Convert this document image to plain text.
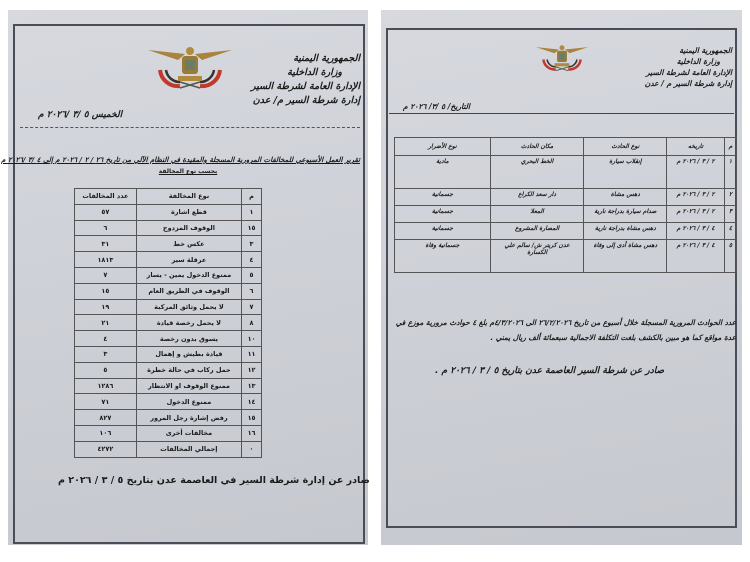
الجمهورية اليمنية
وزارة الداخلية
الإدارة العامة لشرطة السير
إدارة شرطة السير م/ عدن
الخميس ٥ /٣ /٢٠٢٦ م
تقرير العمل الأسبوعي للمخالفات المرورية المسجلة والمقيدة في النظام الآلي من تاريخ ٢٦ / ٢ / ٢٠٢٦ م إلى ٤ /٣ /٢٠٢٦ م
بحسب نوع المخالفة
م	نوع المخالفة	عدد المخالفات
١	قطع اشارة	٥٧
١٥	الوقوف المزدوج	٦
٣	عكس خط	٣١
٤	عرقلة سير	١٨١٣
٥	ممنوع الدخول يمين - يسار	٧
٦	الوقوف في الطريق العام	١٥
٧	لا يحمل وثائق المركبة	١٩
٨	لا يحمل رخصة قيادة	٢١
١٠	يسوق بدون رخصة	٤
١١	قيادة بطيش و إهمال	٣
١٢	حمل ركاب في حالة خطرة	٥
١٣	ممنوع الوقوف او الانتظار	١٢٨٦
١٤	ممنوع الدخول	٧١
١٥	رفض إشارة رجل المرور	٨٢٧
١٦	مخالفات أخرى	١٠٦
٠	إجمالي المخالفات	٤٢٧٢
صادر عن إدارة شرطة السير في العاصمة عدن بتاريخ ٥ / ٣ / ٢٠٢٦ م
الجمهورية اليمنية
وزارة الداخلية
الإدارة العامة لشرطة السير
إدارة شرطة السير م / عدن
التاريخ/ ٥ /٣/ ٢٠٢٦ م
م	تاريخه	نوع الحادث	مكان الحادث	نوع الأضرار
١	٢ / ٣ / ٢٠٢٦ م	إنقلاب سيارة	الخط البحري	مادية
٢	٢ / ٣ / ٢٠٢٦ م	دهس مشاة	دار سعد الكراع	جسمانية
٣	٢ / ٣ / ٢٠٢٦ م	صدام سيارة بدراجة نارية	المعلا	جسمانية
٤	٤ / ٣ / ٢٠٢٦ م	دهس مشاة بدراجة نارية	المصارة المشروع	جسمانية
٥	٤ / ٣ / ٢٠٢٦ م	دهس مشاة أدى إلى وفاة	عدن كريتر ش/ سالم علي الكسارة	جسمانية وفاة
عدد الحوادث المرورية المسجلة خلال أسبوع من تاريخ ٢٦/٢/٢٠٢٦ الى ٤/٣/٢٠٢٦م بلغ ٤ حوادث مرورية موزع في عدة مواقع كما هو مبين بالكشف بلغت التكلفة الاجمالية سبعمائة ألف ريال يمني .
صادر عن شرطة السير العاصمة عدن بتاريخ ٥ / ٣ / ٢٠٢٦ م .
